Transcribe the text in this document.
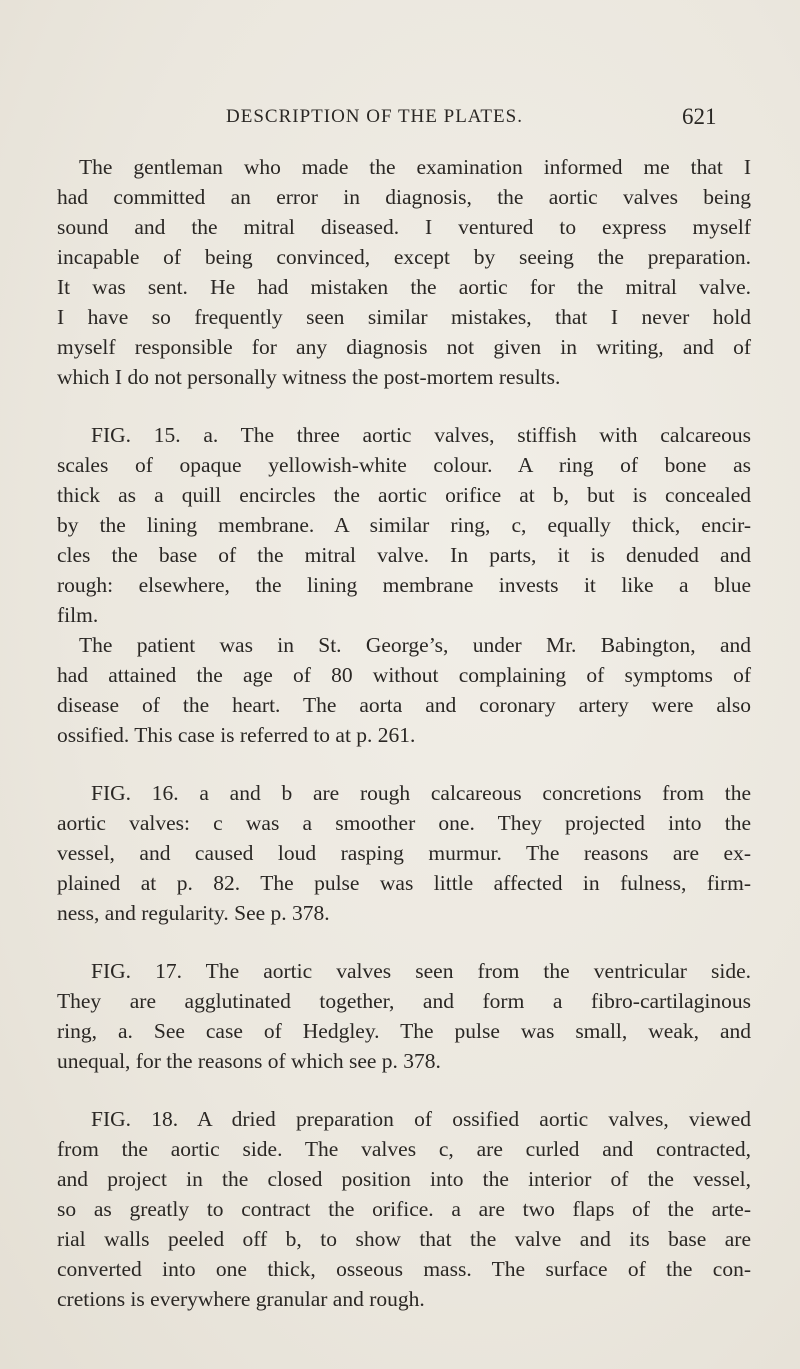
DESCRIPTION OF THE PLATES.	621
The gentleman who made the examination informed me that I
had committed an error in diagnosis, the aortic valves being
sound and the mitral diseased. I ventured to express myself
incapable of being convinced, except by seeing the preparation.
It was sent. He had mistaken the aortic for the mitral valve.
I have so frequently seen similar mistakes, that I never hold
myself responsible for any diagnosis not given in writing, and of
which I do not personally witness the post-mortem results.
FIG. 15. a. The three aortic valves, stiffish with calcareous
scales of opaque yellowish-white colour. A ring of bone as
thick as a quill encircles the aortic orifice at b, but is concealed
by the lining membrane. A similar ring, c, equally thick, encir-
cles the base of the mitral valve. In parts, it is denuded and
rough: elsewhere, the lining membrane invests it like a blue
film.
The patient was in St. George’s, under Mr. Babington, and
had attained the age of 80 without complaining of symptoms of
disease of the heart. The aorta and coronary artery were also
ossified. This case is referred to at p. 261.
FIG. 16. a and b are rough calcareous concretions from the
aortic valves: c was a smoother one. They projected into the
vessel, and caused loud rasping murmur. The reasons are ex-
plained at p. 82. The pulse was little affected in fulness, firm-
ness, and regularity. See p. 378.
FIG. 17. The aortic valves seen from the ventricular side.
They are agglutinated together, and form a fibro-cartilaginous
ring, a. See case of Hedgley. The pulse was small, weak, and
unequal, for the reasons of which see p. 378.
FIG. 18. A dried preparation of ossified aortic valves, viewed
from the aortic side. The valves c, are curled and contracted,
and project in the closed position into the interior of the vessel,
so as greatly to contract the orifice. a are two flaps of the arte-
rial walls peeled off b, to show that the valve and its base are
converted into one thick, osseous mass. The surface of the con-
cretions is everywhere granular and rough.
